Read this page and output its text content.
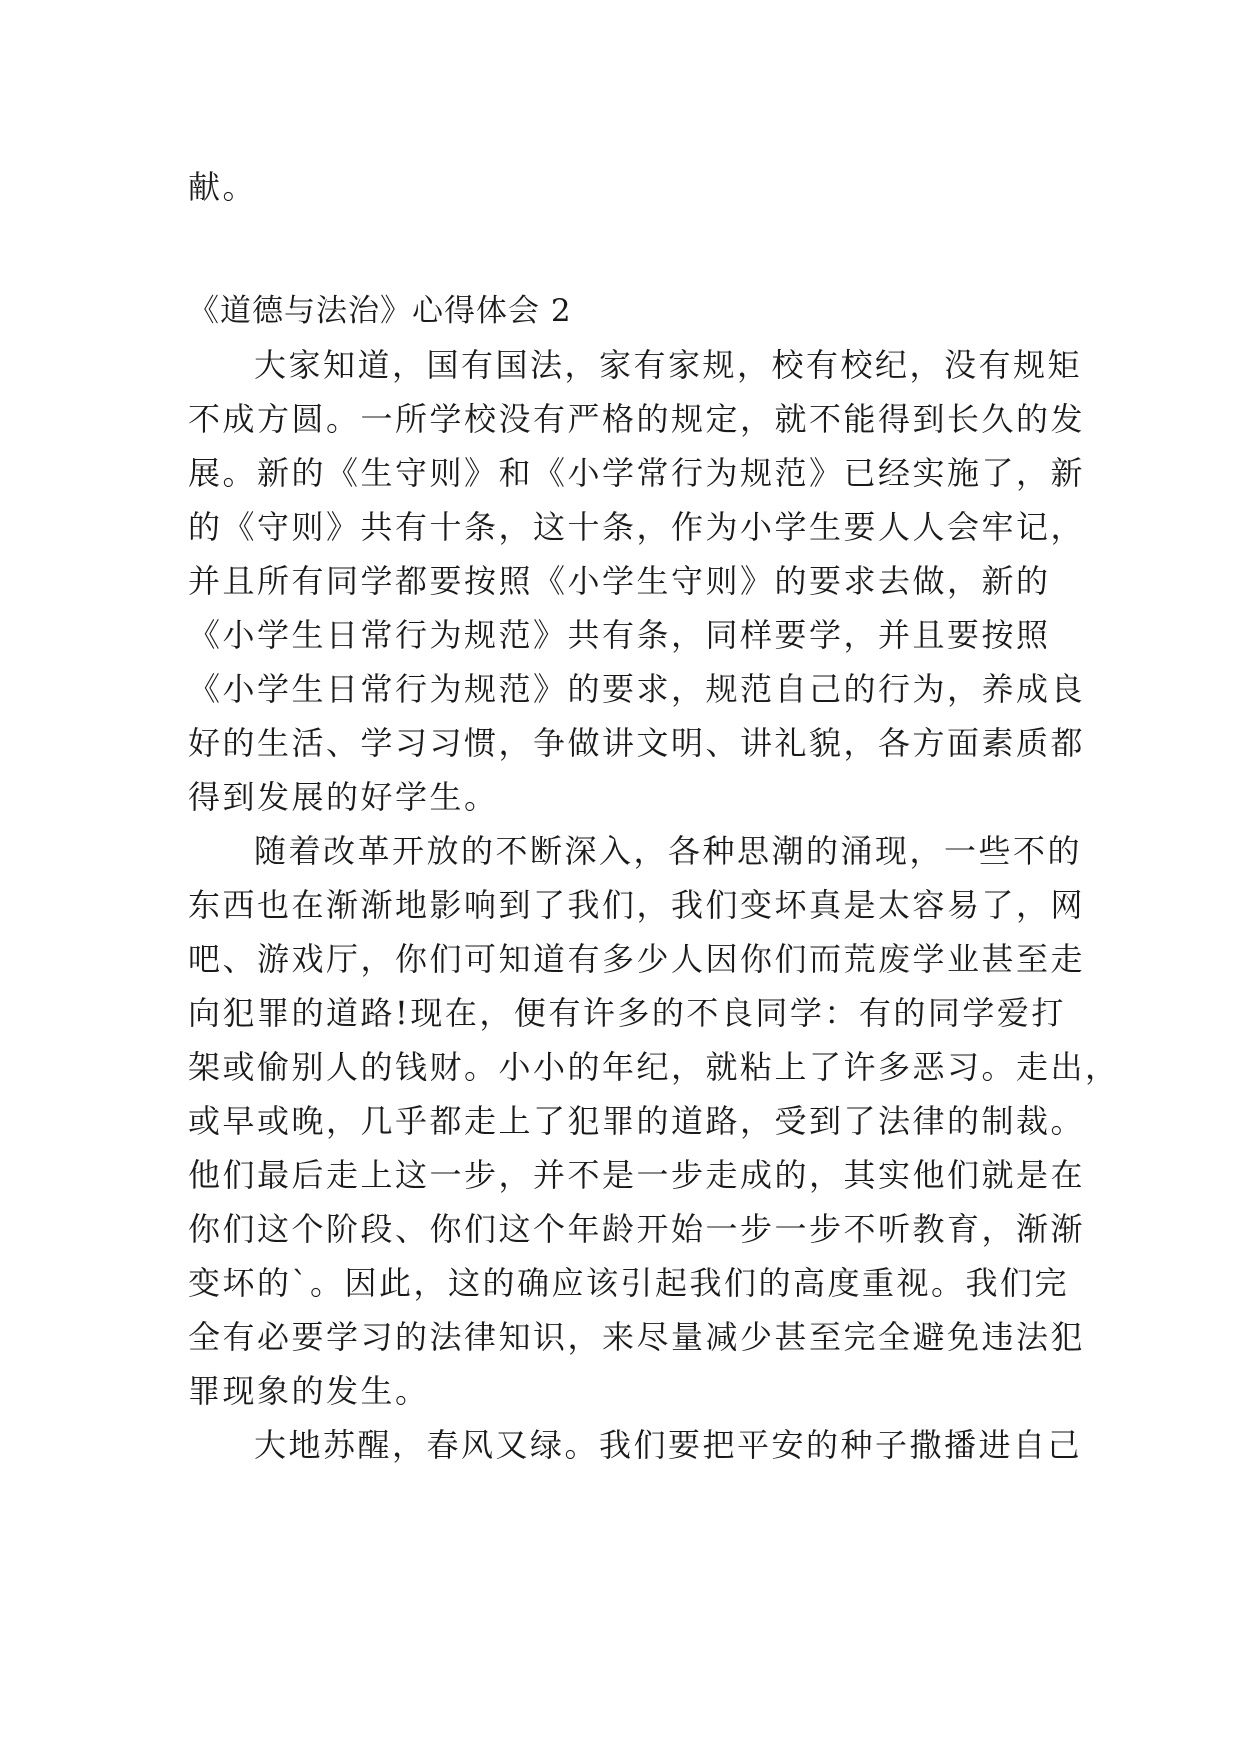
献。

《道德与法治》心得体会 2

大家知道，国有国法，家有家规，校有校纪，没有规矩

不成方圆。一所学校没有严格的规定，就不能得到长久的发

展。新的《生守则》和《小学常行为规范》已经实施了，新

的《守则》共有十条，这十条，作为小学生要人人会牢记，

并且所有同学都要按照《小学生守则》的要求去做，新的

《小学生日常行为规范》共有条，同样要学，并且要按照

《小学生日常行为规范》的要求，规范自己的行为，养成良

好的生活、学习习惯，争做讲文明、讲礼貌，各方面素质都

得到发展的好学生。

随着改革开放的不断深入，各种思潮的涌现，一些不的

东西也在渐渐地影响到了我们，我们变坏真是太容易了，网

吧、游戏厅，你们可知道有多少人因你们而荒废学业甚至走

向犯罪的道路!现在，便有许多的不良同学：有的同学爱打

架或偷别人的钱财。小小的年纪，就粘上了许多恶习。走出，

或早或晚，几乎都走上了犯罪的道路，受到了法律的制裁。

他们最后走上这一步，并不是一步走成的，其实他们就是在

你们这个阶段、你们这个年龄开始一步一步不听教育，渐渐

变坏的`。因此，这的确应该引起我们的高度重视。我们完

全有必要学习的法律知识，来尽量减少甚至完全避免违法犯

罪现象的发生。

大地苏醒，春风又绿。我们要把平安的种子撒播进自己
